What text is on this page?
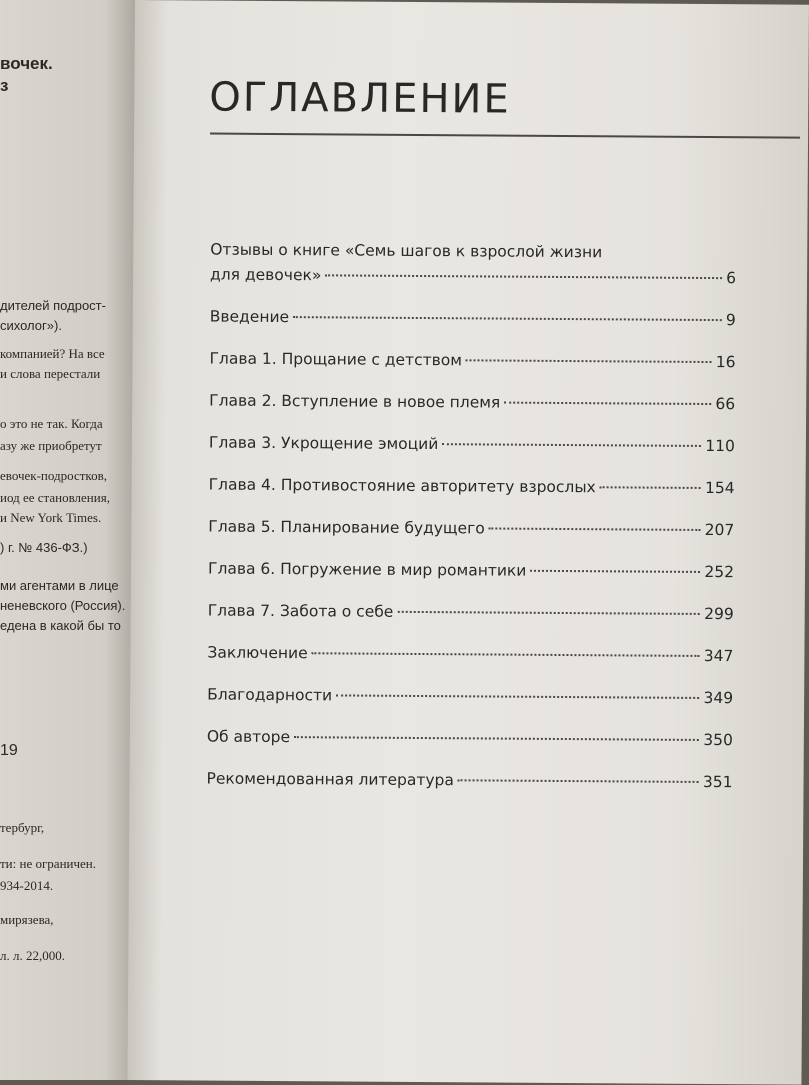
вочек.
з
дителей подрост-
сихолог»).
компанией? На все
и слова перестали
о это не так. Когда
азу же приобретут
евочек-подростков,
иод ее становления,
и New York Times.
) г. № 436-ФЗ.)
ми агентами в лице
неневского (Россия).
едена в какой бы то
19
тербург,
ти: не ограничен.
934-2014.
мирязева,
л. л. 22,000.
ОГЛАВЛЕНИЕ
Отзывы о книге «Семь шагов к взрослой жизни
для девочек»	6
Введение	9
Глава 1. Прощание с детством	16
Глава 2. Вступление в новое племя	66
Глава 3. Укрощение эмоций	110
Глава 4. Противостояние авторитету взрослых	154
Глава 5. Планирование будущего	207
Глава 6. Погружение в мир романтики	252
Глава 7. Забота о себе	299
Заключение	347
Благодарности	349
Об авторе	350
Рекомендованная литература	351
